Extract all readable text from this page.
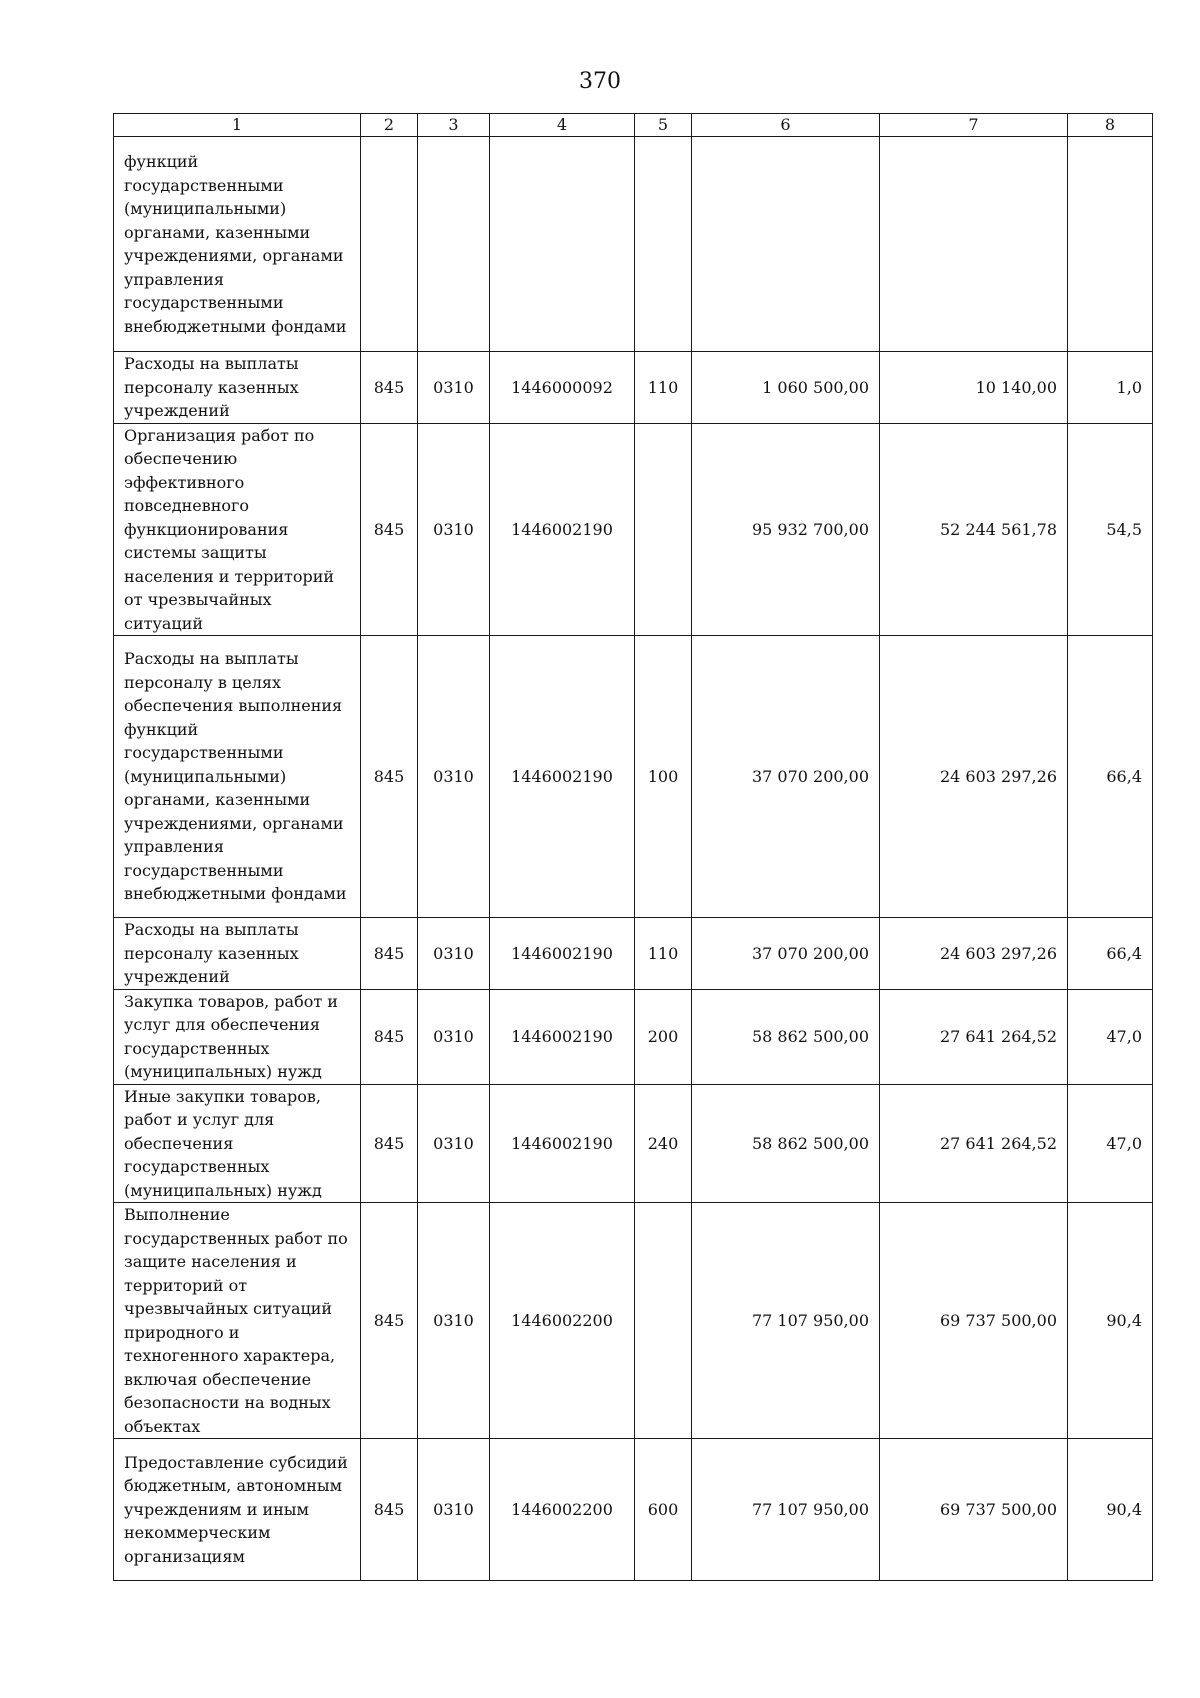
370
1	2	3	4	5	6	7	8
функций государственными (муниципальными) органами, казенными учреждениями, органами управления государственными внебюджетными фондами							
Расходы на выплаты персоналу казенных учреждений	845	0310	1446000092	110	1 060 500,00	10 140,00	1,0
Организация работ по обеспечению эффективного повседневного функционирования системы защиты населения и территорий от чрезвычайных ситуаций	845	0310	1446002190		95 932 700,00	52 244 561,78	54,5
Расходы на выплаты персоналу в целях обеспечения выполнения функций государственными (муниципальными) органами, казенными учреждениями, органами управления государственными внебюджетными фондами	845	0310	1446002190	100	37 070 200,00	24 603 297,26	66,4
Расходы на выплаты персоналу казенных учреждений	845	0310	1446002190	110	37 070 200,00	24 603 297,26	66,4
Закупка товаров, работ и услуг для обеспечения государственных (муниципальных) нужд	845	0310	1446002190	200	58 862 500,00	27 641 264,52	47,0
Иные закупки товаров, работ и услуг для обеспечения государственных (муниципальных) нужд	845	0310	1446002190	240	58 862 500,00	27 641 264,52	47,0
Выполнение государственных работ по защите населения и территорий от чрезвычайных ситуаций природного и техногенного характера, включая обеспечение безопасности на водных объектах	845	0310	1446002200		77 107 950,00	69 737 500,00	90,4
Предоставление субсидий бюджетным, автономным учреждениям и иным некоммерческим организациям	845	0310	1446002200	600	77 107 950,00	69 737 500,00	90,4
